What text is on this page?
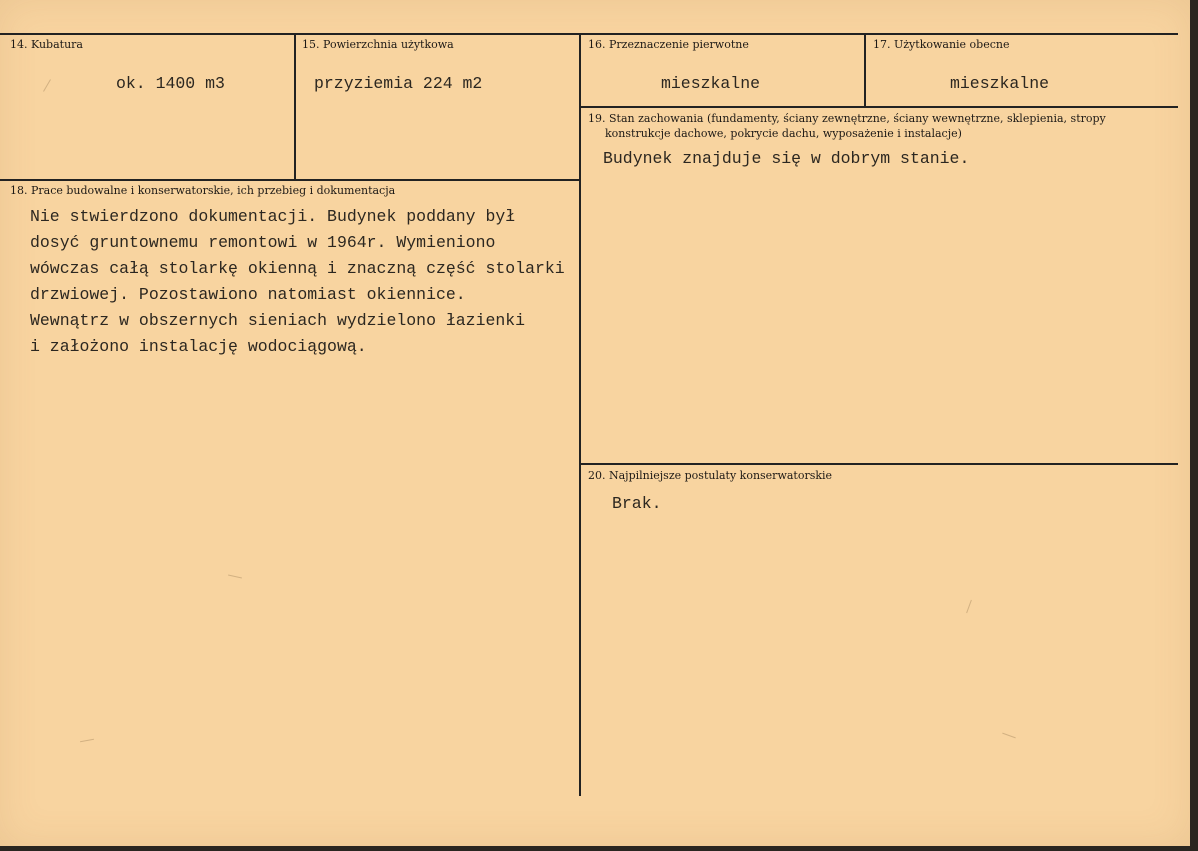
14. Kubatura
ok. 1400 m3
15. Powierzchnia użytkowa
przyziemia 224 m2
16. Przeznaczenie pierwotne
mieszkalne
17. Użytkowanie obecne
mieszkalne
19. Stan zachowania (fundamenty, ściany zewnętrzne, ściany wewnętrzne, sklepienia, stropy
konstrukcje dachowe, pokrycie dachu, wyposażenie i instalacje)
Budynek znajduje się w dobrym stanie.
18. Prace budowalne i konserwatorskie, ich przebieg i dokumentacja
Nie stwierdzono dokumentacji. Budynek poddany był
dosyć gruntownemu remontowi w 1964r. Wymieniono
wówczas całą stolarkę okienną i znaczną część stolarki
drzwiowej. Pozostawiono natomiast okiennice.
Wewnątrz w obszernych sieniach wydzielono łazienki
i założono instalację wodociągową.
20. Najpilniejsze postulaty konserwatorskie
Brak.
